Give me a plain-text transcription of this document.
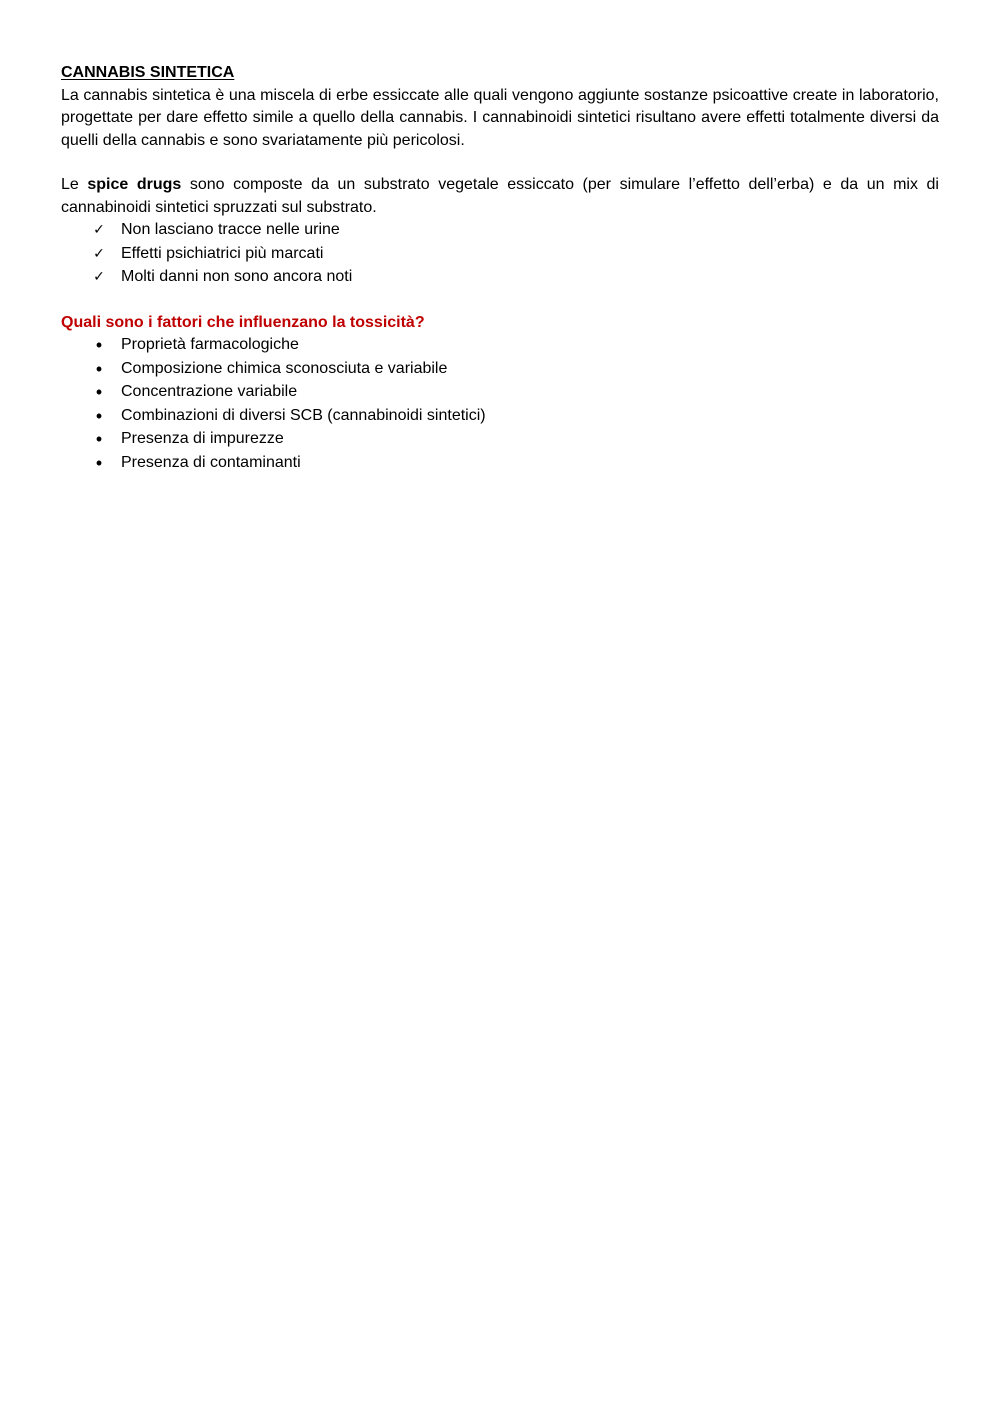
CANNABIS SINTETICA

La cannabis sintetica è una miscela di erbe essiccate alle quali vengono aggiunte sostanze psicoattive create in laboratorio, progettate per dare effetto simile a quello della cannabis. I cannabinoidi sintetici risultano avere effetti totalmente diversi da quelli della cannabis e sono svariatamente più pericolosi.

Le spice drugs sono composte da un substrato vegetale essiccato (per simulare l’effetto dell’erba) e da un mix di cannabinoidi sintetici spruzzati sul substrato.

✓ Non lasciano tracce nelle urine
✓ Effetti psichiatrici più marcati
✓ Molti danni non sono ancora noti

Quali sono i fattori che influenzano la tossicità?

•	Proprietà farmacologiche
•	Composizione chimica sconosciuta e variabile
•	Concentrazione variabile
•	Combinazioni di diversi SCB (cannabinoidi sintetici)
•	Presenza di impurezze
•	Presenza di contaminanti
